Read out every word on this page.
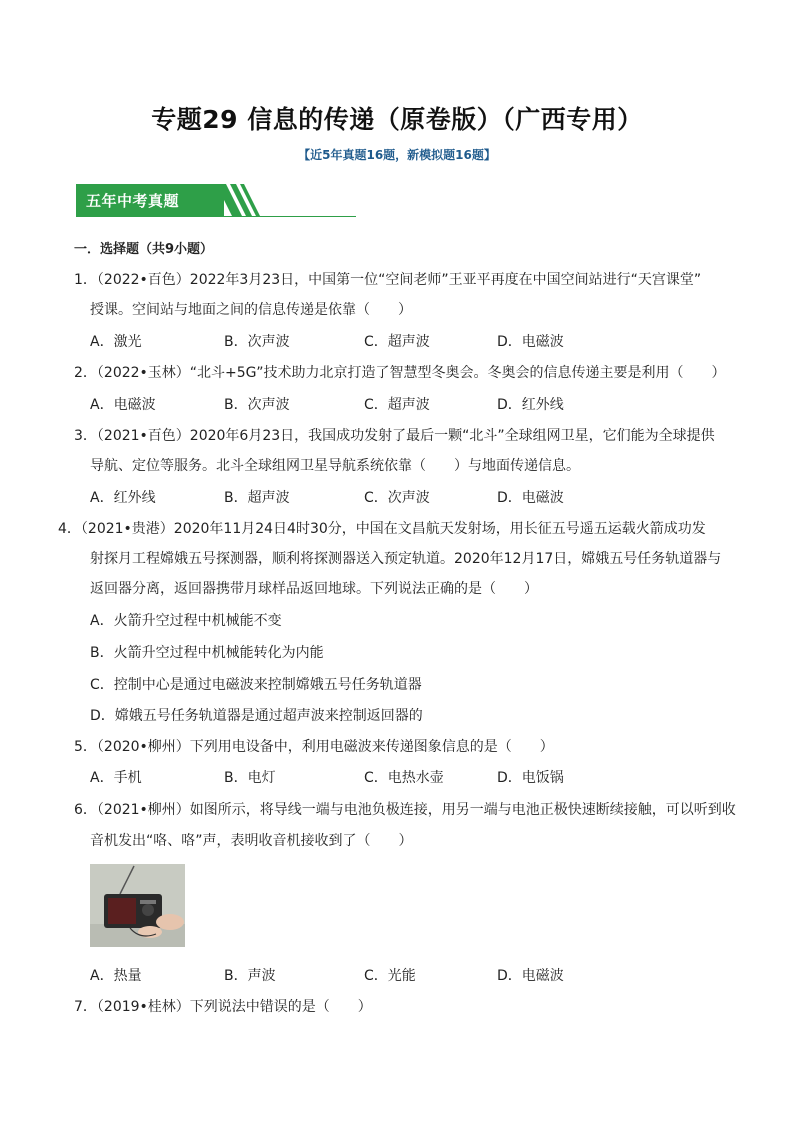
专题29 信息的传递（原卷版）（广西专用）
【近5年真题16题，新模拟题16题】
五年中考真题
一．选择题（共9小题）
1．（2022•百色）2022年3月23日，中国第一位“空间老师”王亚平再度在中国空间站进行“天宫课堂”
授课。空间站与地面之间的信息传递是依靠（　　）
A．激光	B．次声波	C．超声波	D．电磁波
2．（2022•玉林）“北斗+5G”技术助力北京打造了智慧型冬奥会。冬奥会的信息传递主要是利用（　　）
A．电磁波	B．次声波	C．超声波	D．红外线
3．（2021•百色）2020年6月23日，我国成功发射了最后一颗“北斗”全球组网卫星，它们能为全球提供
导航、定位等服务。北斗全球组网卫星导航系统依靠（　　）与地面传递信息。
A．红外线	B．超声波	C．次声波	D．电磁波
4．（2021•贵港）2020年11月24日4时30分，中国在文昌航天发射场，用长征五号遥五运载火箭成功发
射探月工程嫦娥五号探测器，顺利将探测器送入预定轨道。2020年12月17日，嫦娥五号任务轨道器与
返回器分离，返回器携带月球样品返回地球。下列说法正确的是（　　）
A．火箭升空过程中机械能不变
B．火箭升空过程中机械能转化为内能
C．控制中心是通过电磁波来控制嫦娥五号任务轨道器
D．嫦娥五号任务轨道器是通过超声波来控制返回器的
5．（2020•柳州）下列用电设备中，利用电磁波来传递图象信息的是（　　）
A．手机	B．电灯	C．电热水壶	D．电饭锅
6．（2021•柳州）如图所示，将导线一端与电池负极连接，用另一端与电池正极快速断续接触，可以听到收
音机发出“咯、咯”声，表明收音机接收到了（　　）
A．热量	B．声波	C．光能	D．电磁波
7．（2019•桂林）下列说法中错误的是（　　）
